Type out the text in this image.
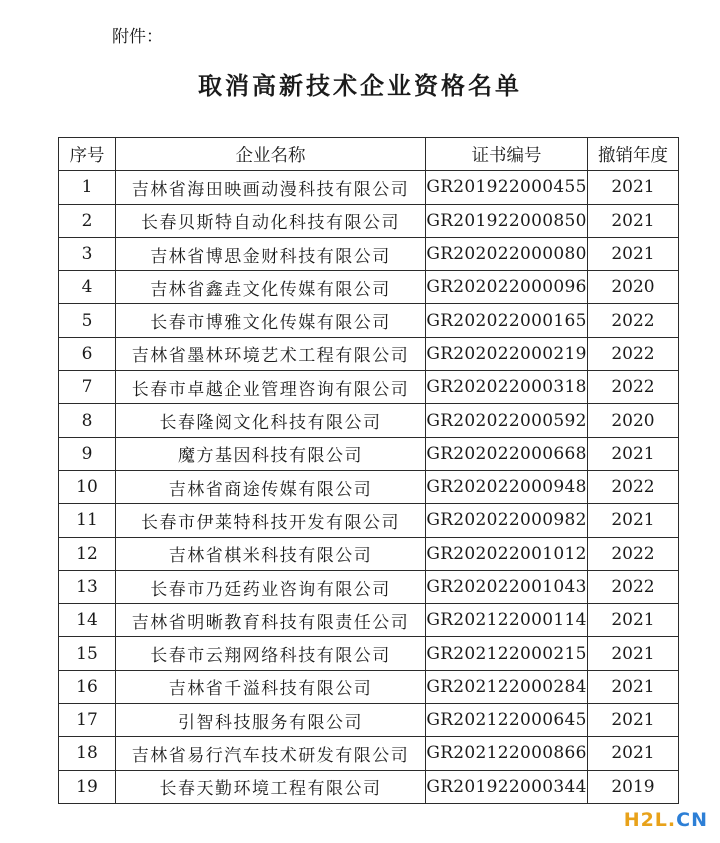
附件：
取消高新技术企业资格名单
序号	企业名称	证书编号	撤销年度
1	吉林省海田映画动漫科技有限公司	GR201922000455	2021
2	长春贝斯特自动化科技有限公司	GR201922000850	2021
3	吉林省博思金财科技有限公司	GR202022000080	2021
4	吉林省鑫垚文化传媒有限公司	GR202022000096	2020
5	长春市博雅文化传媒有限公司	GR202022000165	2022
6	吉林省墨林环境艺术工程有限公司	GR202022000219	2022
7	长春市卓越企业管理咨询有限公司	GR202022000318	2022
8	长春隆阅文化科技有限公司	GR202022000592	2020
9	魔方基因科技有限公司	GR202022000668	2021
10	吉林省商途传媒有限公司	GR202022000948	2022
11	长春市伊莱特科技开发有限公司	GR202022000982	2021
12	吉林省棋米科技有限公司	GR202022001012	2022
13	长春市乃廷药业咨询有限公司	GR202022001043	2022
14	吉林省明晰教育科技有限责任公司	GR202122000114	2021
15	长春市云翔网络科技有限公司	GR202122000215	2021
16	吉林省千溢科技有限公司	GR202122000284	2021
17	引智科技服务有限公司	GR202122000645	2021
18	吉林省易行汽车技术研发有限公司	GR202122000866	2021
19	长春天勤环境工程有限公司	GR201922000344	2019
H2L.CN
